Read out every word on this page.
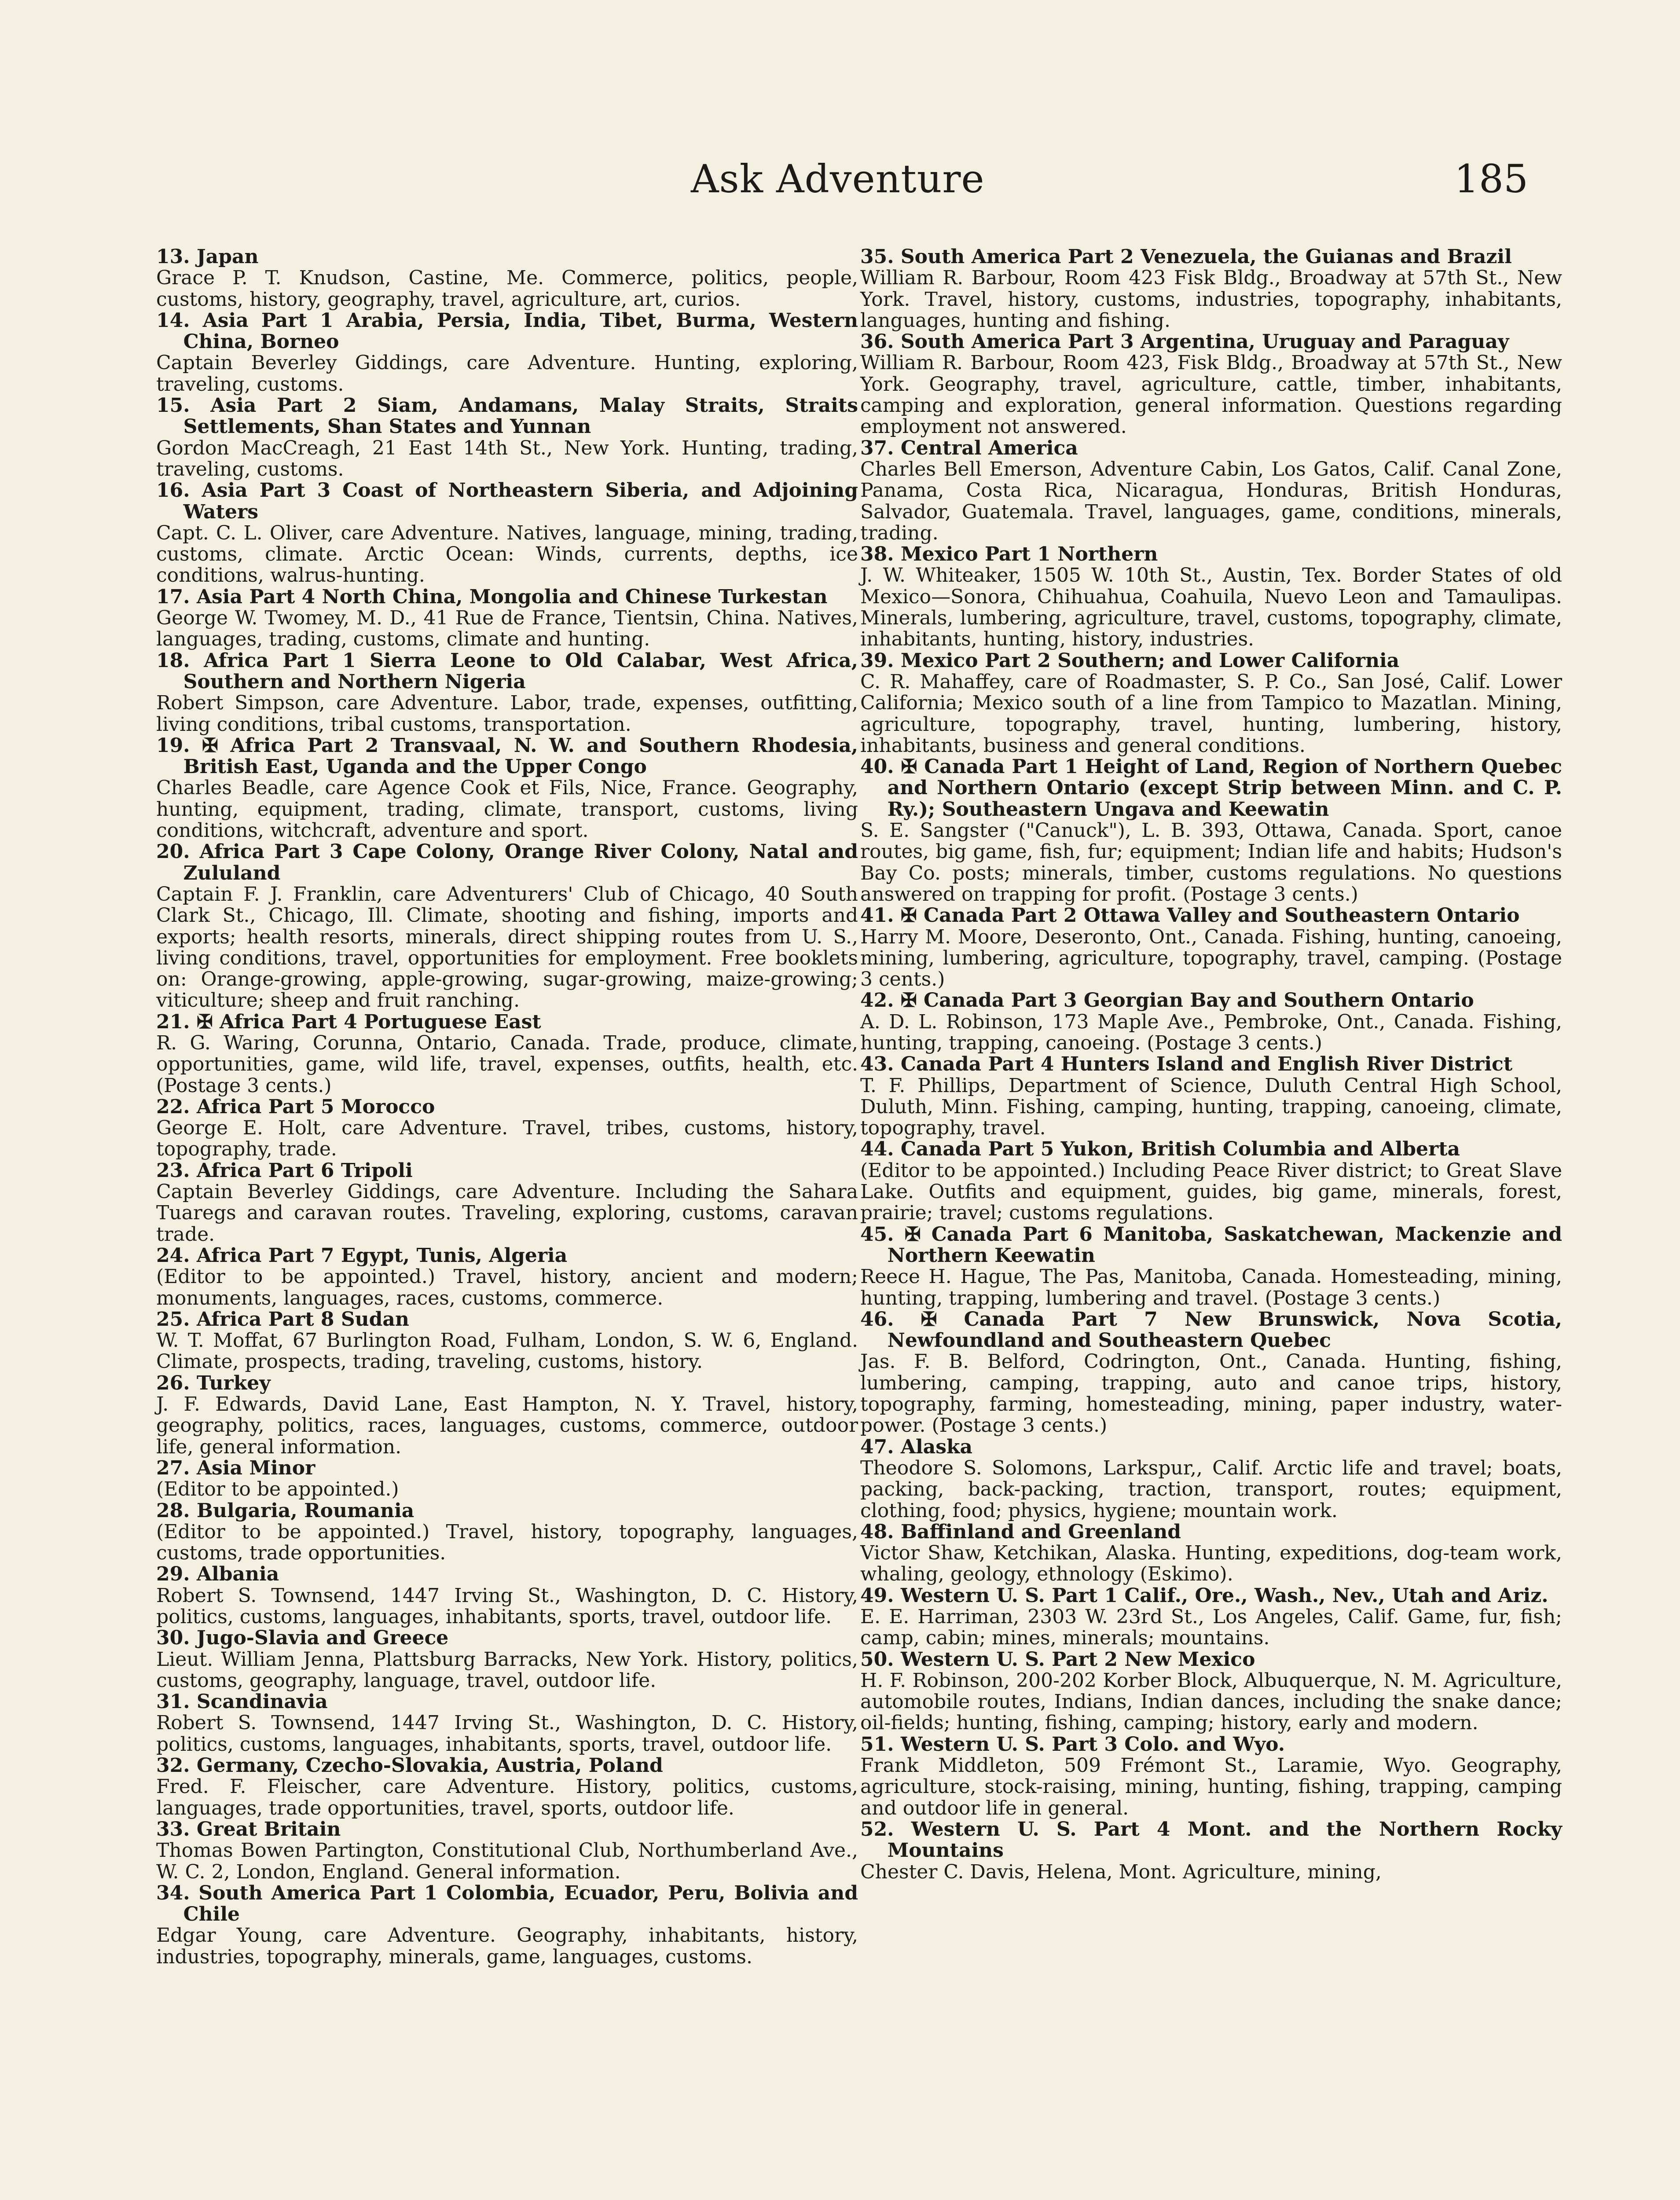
Ask Adventure	185
13. Japan
Grace P. T. Knudson, Castine, Me. Commerce, politics, people, customs, history, geography, travel, agriculture, art, curios.
14. Asia Part 1 Arabia, Persia, India, Tibet, Burma, Western China, Borneo
Captain Beverley Giddings, care Adventure. Hunting, exploring, traveling, customs.
15. Asia Part 2 Siam, Andamans, Malay Straits, Straits Settlements, Shan States and Yunnan
Gordon MacCreagh, 21 East 14th St., New York. Hunting, trading, traveling, customs.
16. Asia Part 3 Coast of Northeastern Siberia, and Adjoining Waters
Capt. C. L. Oliver, care Adventure. Natives, language, mining, trading, customs, climate. Arctic Ocean: Winds, currents, depths, ice conditions, walrus-hunting.
17. Asia Part 4 North China, Mongolia and Chinese Turkestan
George W. Twomey, M. D., 41 Rue de France, Tientsin, China. Natives, languages, trading, customs, climate and hunting.
18. Africa Part 1 Sierra Leone to Old Calabar, West Africa, Southern and Northern Nigeria
Robert Simpson, care Adventure. Labor, trade, expenses, outfitting, living conditions, tribal customs, transportation.
19. ✠ Africa Part 2 Transvaal, N. W. and Southern Rhodesia, British East, Uganda and the Upper Congo
Charles Beadle, care Agence Cook et Fils, Nice, France. Geography, hunting, equipment, trading, climate, transport, customs, living conditions, witchcraft, adventure and sport.
20. Africa Part 3 Cape Colony, Orange River Colony, Natal and Zululand
Captain F. J. Franklin, care Adventurers' Club of Chicago, 40 South Clark St., Chicago, Ill. Climate, shooting and fishing, imports and exports; health resorts, minerals, direct shipping routes from U. S., living conditions, travel, opportunities for employment. Free booklets on: Orange-growing, apple-growing, sugar-growing, maize-growing; viticulture; sheep and fruit ranching.
21. ✠ Africa Part 4 Portuguese East
R. G. Waring, Corunna, Ontario, Canada. Trade, produce, climate, opportunities, game, wild life, travel, expenses, outfits, health, etc. (Postage 3 cents.)
22. Africa Part 5 Morocco
George E. Holt, care Adventure. Travel, tribes, customs, history, topography, trade.
23. Africa Part 6 Tripoli
Captain Beverley Giddings, care Adventure. Including the Sahara Tuaregs and caravan routes. Traveling, exploring, customs, caravan trade.
24. Africa Part 7 Egypt, Tunis, Algeria
(Editor to be appointed.) Travel, history, ancient and modern; monuments, languages, races, customs, commerce.
25. Africa Part 8 Sudan
W. T. Moffat, 67 Burlington Road, Fulham, London, S. W. 6, England. Climate, prospects, trading, traveling, customs, history.
26. Turkey
J. F. Edwards, David Lane, East Hampton, N. Y. Travel, history, geography, politics, races, languages, customs, commerce, outdoor life, general information.
27. Asia Minor
(Editor to be appointed.)
28. Bulgaria, Roumania
(Editor to be appointed.) Travel, history, topography, languages, customs, trade opportunities.
29. Albania
Robert S. Townsend, 1447 Irving St., Washington, D. C. History, politics, customs, languages, inhabitants, sports, travel, outdoor life.
30. Jugo-Slavia and Greece
Lieut. William Jenna, Plattsburg Barracks, New York. History, politics, customs, geography, language, travel, outdoor life.
31. Scandinavia
Robert S. Townsend, 1447 Irving St., Washington, D. C. History, politics, customs, languages, inhabitants, sports, travel, outdoor life.
32. Germany, Czecho-Slovakia, Austria, Poland
Fred. F. Fleischer, care Adventure. History, politics, customs, languages, trade opportunities, travel, sports, outdoor life.
33. Great Britain
Thomas Bowen Partington, Constitutional Club, Northumberland Ave., W. C. 2, London, England. General information.
34. South America Part 1 Colombia, Ecuador, Peru, Bolivia and Chile
Edgar Young, care Adventure. Geography, inhabitants, history, industries, topography, minerals, game, languages, customs.
35. South America Part 2 Venezuela, the Guianas and Brazil
William R. Barbour, Room 423 Fisk Bldg., Broadway at 57th St., New York. Travel, history, customs, industries, topography, inhabitants, languages, hunting and fishing.
36. South America Part 3 Argentina, Uruguay and Paraguay
William R. Barbour, Room 423, Fisk Bldg., Broadway at 57th St., New York. Geography, travel, agriculture, cattle, timber, inhabitants, camping and exploration, general information. Questions regarding employment not answered.
37. Central America
Charles Bell Emerson, Adventure Cabin, Los Gatos, Calif. Canal Zone, Panama, Costa Rica, Nicaragua, Honduras, British Honduras, Salvador, Guatemala. Travel, languages, game, conditions, minerals, trading.
38. Mexico Part 1 Northern
J. W. Whiteaker, 1505 W. 10th St., Austin, Tex. Border States of old Mexico—Sonora, Chihuahua, Coahuila, Nuevo Leon and Tamaulipas. Minerals, lumbering, agriculture, travel, customs, topography, climate, inhabitants, hunting, history, industries.
39. Mexico Part 2 Southern; and Lower California
C. R. Mahaffey, care of Roadmaster, S. P. Co., San José, Calif. Lower California; Mexico south of a line from Tampico to Mazatlan. Mining, agriculture, topography, travel, hunting, lumbering, history, inhabitants, business and general conditions.
40. ✠ Canada Part 1 Height of Land, Region of Northern Quebec and Northern Ontario (except Strip between Minn. and C. P. Ry.); Southeastern Ungava and Keewatin
S. E. Sangster ("Canuck"), L. B. 393, Ottawa, Canada. Sport, canoe routes, big game, fish, fur; equipment; Indian life and habits; Hudson's Bay Co. posts; minerals, timber, customs regulations. No questions answered on trapping for profit. (Postage 3 cents.)
41. ✠ Canada Part 2 Ottawa Valley and Southeastern Ontario
Harry M. Moore, Deseronto, Ont., Canada. Fishing, hunting, canoeing, mining, lumbering, agriculture, topography, travel, camping. (Postage 3 cents.)
42. ✠ Canada Part 3 Georgian Bay and Southern Ontario
A. D. L. Robinson, 173 Maple Ave., Pembroke, Ont., Canada. Fishing, hunting, trapping, canoeing. (Postage 3 cents.)
43. Canada Part 4 Hunters Island and English River District
T. F. Phillips, Department of Science, Duluth Central High School, Duluth, Minn. Fishing, camping, hunting, trapping, canoeing, climate, topography, travel.
44. Canada Part 5 Yukon, British Columbia and Alberta
(Editor to be appointed.) Including Peace River district; to Great Slave Lake. Outfits and equipment, guides, big game, minerals, forest, prairie; travel; customs regulations.
45. ✠ Canada Part 6 Manitoba, Saskatchewan, Mackenzie and Northern Keewatin
Reece H. Hague, The Pas, Manitoba, Canada. Homesteading, mining, hunting, trapping, lumbering and travel. (Postage 3 cents.)
46. ✠ Canada Part 7 New Brunswick, Nova Scotia, Newfoundland and Southeastern Quebec
Jas. F. B. Belford, Codrington, Ont., Canada. Hunting, fishing, lumbering, camping, trapping, auto and canoe trips, history, topography, farming, homesteading, mining, paper industry, water-power. (Postage 3 cents.)
47. Alaska
Theodore S. Solomons, Larkspur,, Calif. Arctic life and travel; boats, packing, back-packing, traction, transport, routes; equipment, clothing, food; physics, hygiene; mountain work.
48. Baffinland and Greenland
Victor Shaw, Ketchikan, Alaska. Hunting, expeditions, dog-team work, whaling, geology, ethnology (Eskimo).
49. Western U. S. Part 1 Calif., Ore., Wash., Nev., Utah and Ariz.
E. E. Harriman, 2303 W. 23rd St., Los Angeles, Calif. Game, fur, fish; camp, cabin; mines, minerals; mountains.
50. Western U. S. Part 2 New Mexico
H. F. Robinson, 200-202 Korber Block, Albuquerque, N. M. Agriculture, automobile routes, Indians, Indian dances, including the snake dance; oil-fields; hunting, fishing, camping; history, early and modern.
51. Western U. S. Part 3 Colo. and Wyo.
Frank Middleton, 509 Frémont St., Laramie, Wyo. Geography, agriculture, stock-raising, mining, hunting, fishing, trapping, camping and outdoor life in general.
52. Western U. S. Part 4 Mont. and the Northern Rocky Mountains
Chester C. Davis, Helena, Mont. Agriculture, mining,
